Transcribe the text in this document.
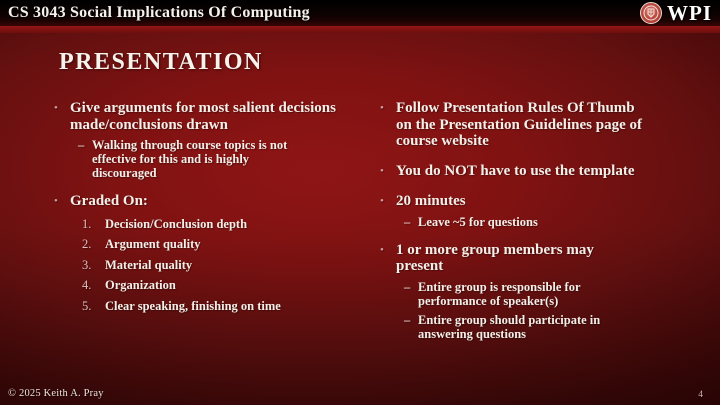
CS 3043 Social Implications Of Computing	WPI
PRESENTATION
• Give arguments for most salient decisions made/conclusions drawn
– Walking through course topics is not effective for this and is highly discouraged
• Graded On:
1.	Decision/Conclusion depth
2.	Argument quality
3.	Material quality
4.	Organization
5.	Clear speaking, finishing on time
• Follow Presentation Rules Of Thumb on the Presentation Guidelines page of course website
• You do NOT have to use the template
• 20 minutes
– Leave ~5 for questions
• 1 or more group members may present
– Entire group is responsible for performance of speaker(s)
– Entire group should participate in answering questions
© 2025 Keith A. Pray	4
